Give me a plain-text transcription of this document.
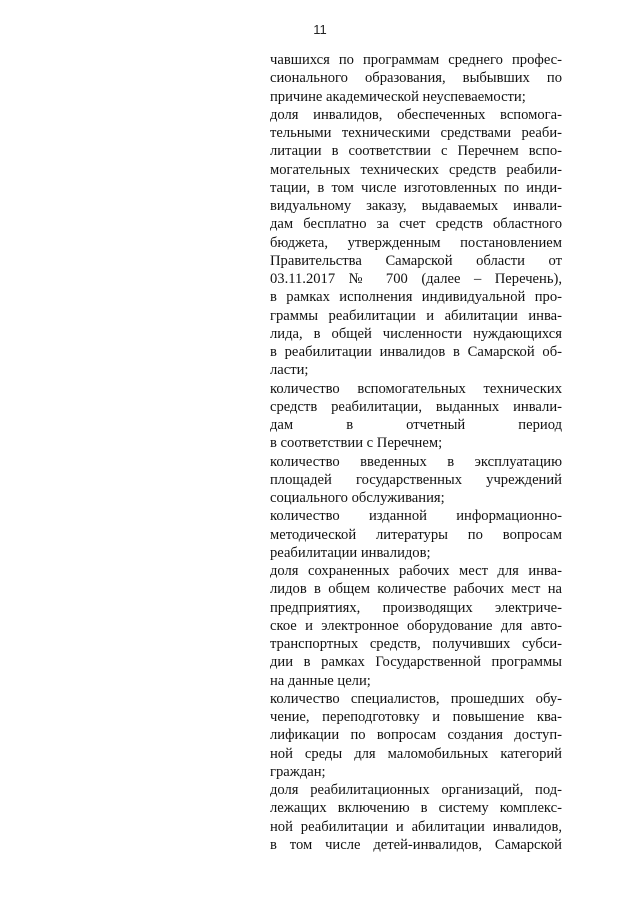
11
чавшихся по программам среднего профес-
сионального образования, выбывших по
причине академической неуспеваемости;
доля инвалидов, обеспеченных вспомога-
тельными техническими средствами реаби-
литации в соответствии с Перечнем вспо-
могательных технических средств реабили-
тации, в том числе изготовленных по инди-
видуальному заказу, выдаваемых инвали-
дам бесплатно за счет средств областного
бюджета, утвержденным постановлением
Правительства Самарской области от
03.11.2017 № 700 (далее – Перечень),
в рамках исполнения индивидуальной про-
граммы реабилитации и абилитации инва-
лида, в общей численности нуждающихся
в реабилитации инвалидов в Самарской об-
ласти;
количество вспомогательных технических
средств реабилитации, выданных инвали-
дам в отчетный период
в соответствии с Перечнем;
количество введенных в эксплуатацию
площадей государственных учреждений
социального обслуживания;
количество изданной информационно-
методической литературы по вопросам
реабилитации инвалидов;
доля сохраненных рабочих мест для инва-
лидов в общем количестве рабочих мест на
предприятиях, производящих электриче-
ское и электронное оборудование для авто-
транспортных средств, получивших субси-
дии в рамках Государственной программы
на данные цели;
количество специалистов, прошедших обу-
чение, переподготовку и повышение ква-
лификации по вопросам создания доступ-
ной среды для маломобильных категорий
граждан;
доля реабилитационных организаций, под-
лежащих включению в систему комплекс-
ной реабилитации и абилитации инвалидов,
в том числе детей-инвалидов, Самарской
